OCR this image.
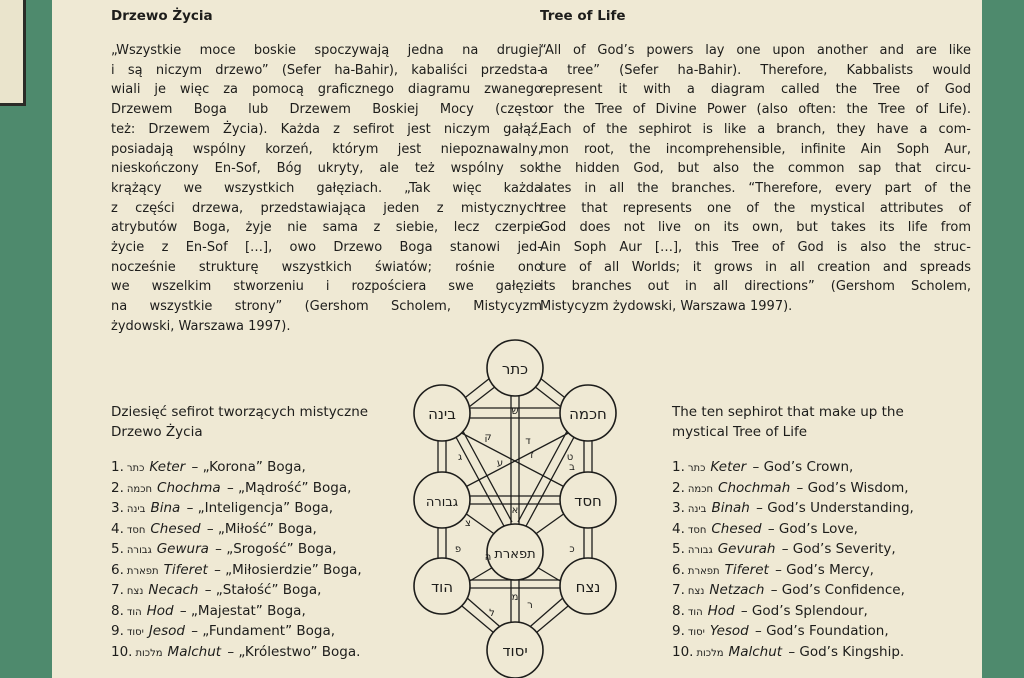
Drzewo Życia
„Wszystkie moce boskie spoczywają jedna na drugiej
i są niczym drzewo” (Sefer ha-Bahir), kabaliści przedsta-
wiali je więc za pomocą graficznego diagramu zwanego
Drzewem Boga lub Drzewem Boskiej Mocy (często
też: Drzewem Życia). Każda z sefirot jest niczym gałąź,
posiadają wspólny korzeń, którym jest niepoznawalny,
nieskończony En-Sof, Bóg ukryty, ale też wspólny sok
krążący we wszystkich gałęziach. „Tak więc każda
z części drzewa, przedstawiająca jeden z mistycznych
atrybutów Boga, żyje nie sama z siebie, lecz czerpie
życie z En-Sof […], owo Drzewo Boga stanowi jed-
nocześnie strukturę wszystkich światów; rośnie ono
we wszelkim stworzeniu i rozpościera swe gałęzie
na wszystkie strony” (Gershom Scholem, Mistycyzm
żydowski, Warszawa 1997).
Tree of Life
“All of God’s powers lay one upon another and are like
a tree” (Sefer ha-Bahir). Therefore, Kabbalists would
represent it with a diagram called the Tree of God
or the Tree of Divine Power (also often: the Tree of Life).
Each of the sephirot is like a branch, they have a com-
mon root, the incomprehensible, infinite Ain Soph Aur,
the hidden God, but also the common sap that circu-
lates in all the branches. “Therefore, every part of the
tree that represents one of the mystical attributes of
God does not live on its own, but takes its life from
Ain Soph Aur […], this Tree of God is also the struc-
ture of all Worlds; it grows in all creation and spreads
its branches out in all directions” (Gershom Scholem,
Mistycyzm żydowski, Warszawa 1997).
Dziesięć sefirot tworzących mistyczne
Drzewo Życia
1. כתר Keter – „Korona” Boga,
2. חכמה Chochma – „Mądrość” Boga,
3. בינה Bina – „Inteligencja” Boga,
4. חסד Chesed – „Miłość” Boga,
5. גבורה Gewura – „Srogość” Boga,
6. תפארת Tiferet – „Miłosierdzie” Boga,
7. נצח Necach – „Stałość” Boga,
8. הוד Hod – „Majestat” Boga,
9. יסוד Jesod – „Fundament” Boga,
10. מלכות Malchut – „Królestwo” Boga.
The ten sephirot that make up the
mystical Tree of Life
1. כתר Keter – God’s Crown,
2. חכמה Chochmah – God’s Wisdom,
3. בינה Binah – God’s Understanding,
4. חסד Chesed – God’s Love,
5. גבורה Gevurah – God’s Severity,
6. תפארת Tiferet – God’s Mercy,
7. נצח Netzach – God’s Confidence,
8. הוד Hod – God’s Splendour,
9. יסוד Yesod – God’s Foundation,
10. מלכות Malchut – God’s Kingship.
כתר
בינה	חכמה
גבורה	חסד
תפארת
הוד	נצח
יסוד
ש
ק
ג
ע
ז
ד
ט
ב
א
צ
ה
פ	כ
מ
ר
ל
